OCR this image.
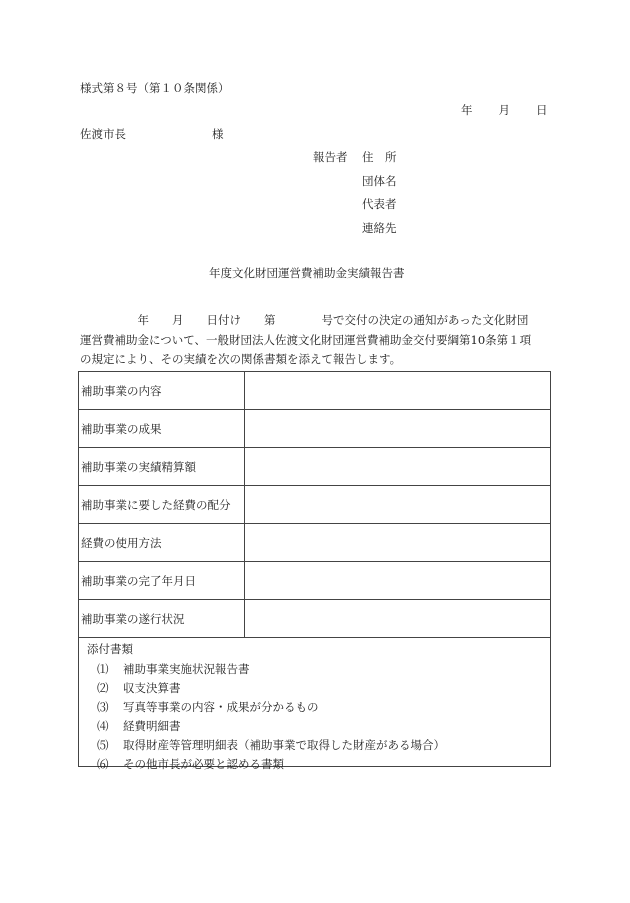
様式第８号（第１０条関係）
年 月 日
佐渡市長	様
報告者 住　所
団体名
代表者
連絡先
年度文化財団運営費補助金実績報告書
　　　　　年　　月　　日付け　　第　　　　号で交付の決定の通知があった文化財団
運営費補助金について、一般財団法人佐渡文化財団運営費補助金交付要綱第10条第１項
の規定により、その実績を次の関係書類を添えて報告します。
補助事業の内容	
補助事業の成果	
補助事業の実績精算額	
補助事業に要した経費の配分	
経費の使用方法	
補助事業の完了年月日	
補助事業の遂行状況	
添付書類
⑴ 補助事業実施状況報告書
⑵ 収支決算書
⑶ 写真等事業の内容・成果が分かるもの
⑷ 経費明細書
⑸ 取得財産等管理明細表（補助事業で取得した財産がある場合）
⑹ その他市長が必要と認める書類
